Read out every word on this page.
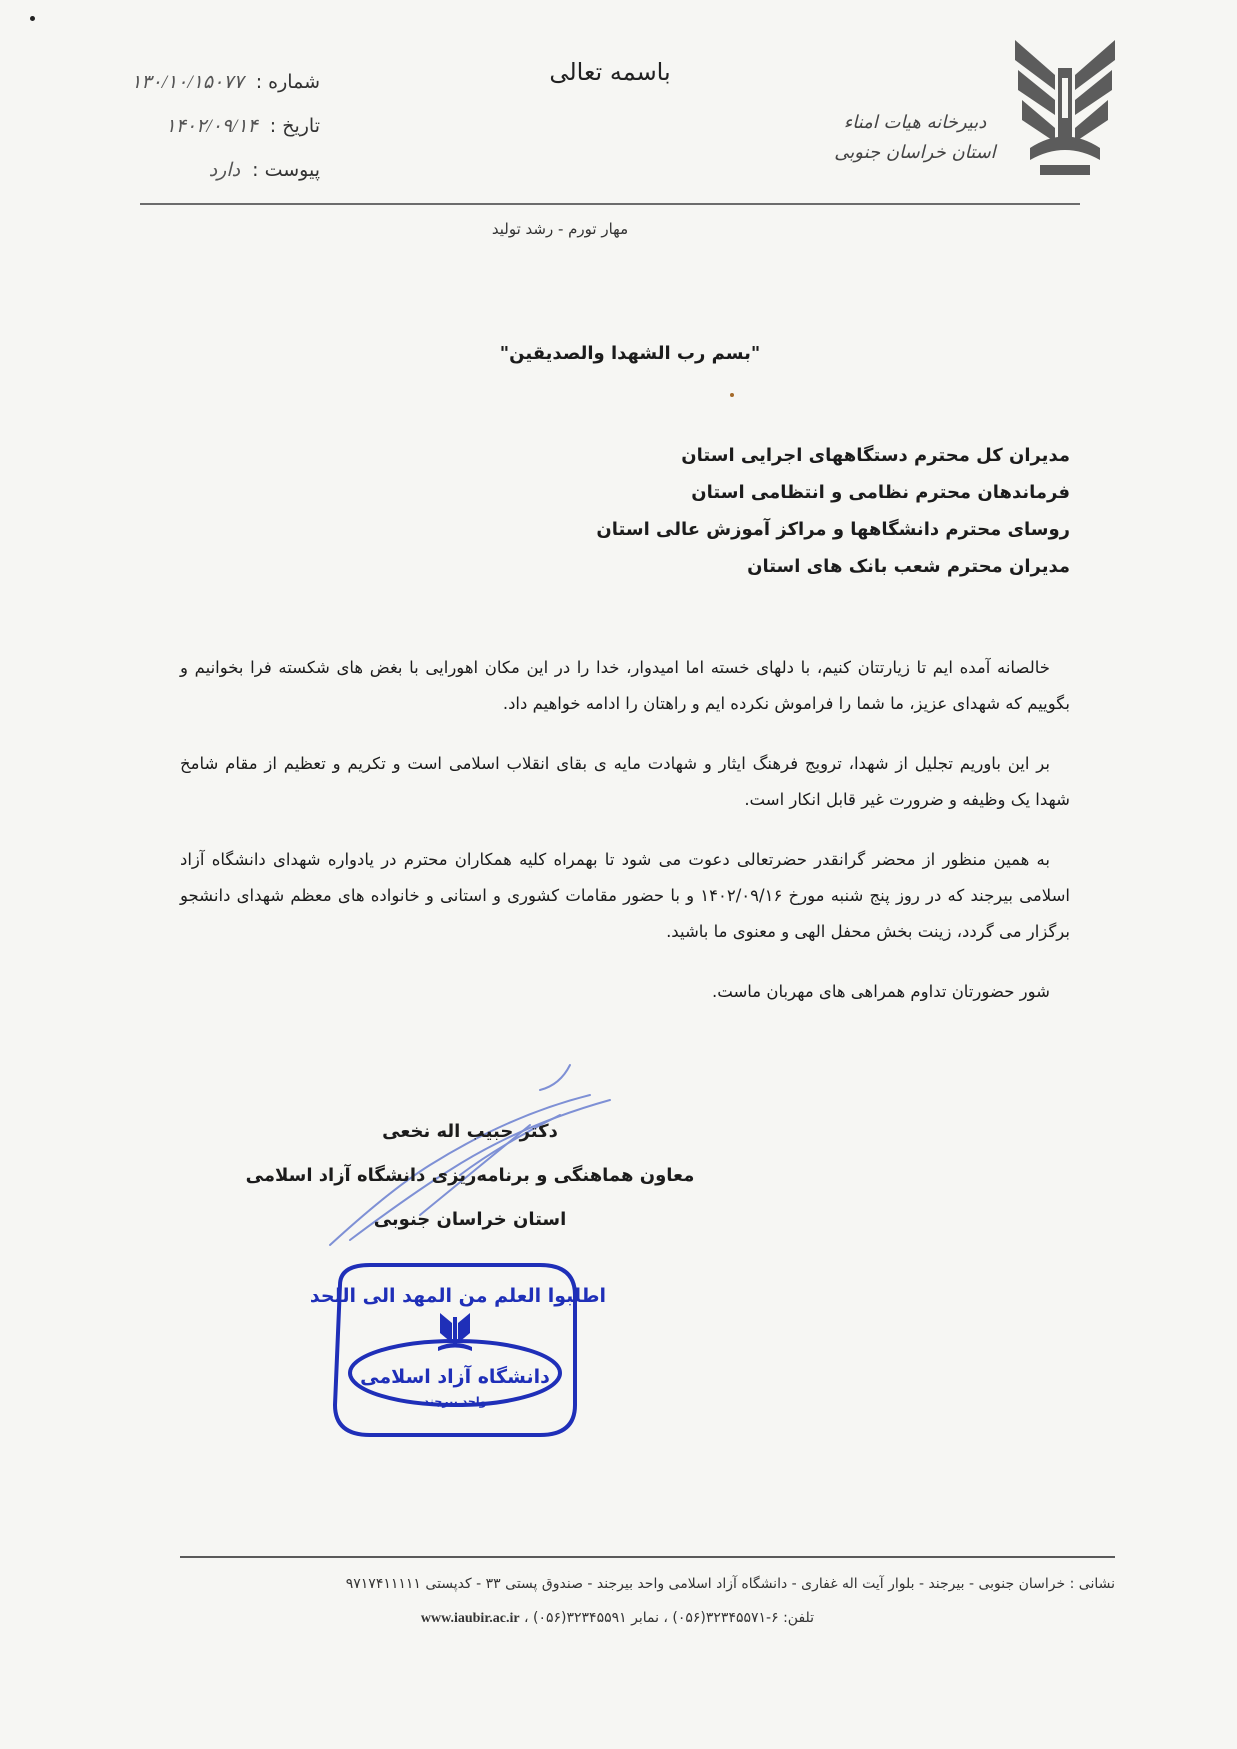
دبیرخانه هیات امناء
استان خراسان جنوبی
باسمه تعالی
شماره : ۱۳۰/۱۰/۱۵۰۷۷
تاریخ : ۱۴۰۲/۰۹/۱۴
پیوست : دارد
مهار تورم - رشد تولید
"بسم رب الشهدا والصدیقین"
مدیران کل محترم دستگاههای اجرایی استان
فرماندهان محترم نظامی و انتظامی استان
روسای محترم دانشگاهها و مراکز آموزش عالی استان
مدیران محترم شعب بانک های استان

خالصانه آمده ایم تا زیارتتان کنیم، با دلهای خسته اما امیدوار، خدا را در این مکان اهورایی با بغض های شکسته فرا بخوانیم و بگوییم که شهدای عزیز، ما شما را فراموش نکرده ایم و راهتان را ادامه خواهیم داد.

بر این باوریم تجلیل از شهدا، ترویج فرهنگ ایثار و شهادت مایه ی بقای انقلاب اسلامی است و تکریم و تعظیم از مقام شامخ شهدا یک وظیفه و ضرورت غیر قابل انکار است.

به همین منظور از محضر گرانقدر حضرتعالی دعوت می شود تا بهمراه کلیه همکاران محترم در یادواره شهدای دانشگاه آزاد اسلامی بیرجند که در روز پنج شنبه مورخ ۱۴۰۲/۰۹/۱۶ و با حضور مقامات کشوری و استانی و خانواده های معظم شهدای دانشجو برگزار می گردد، زینت بخش محفل الهی و معنوی ما باشید.

شور حضورتان تداوم همراهی های مهربان ماست.

دکتر حبیب اله نخعی
معاون هماهنگی و برنامه‌ریزی دانشگاه آزاد اسلامی
استان خراسان جنوبی
اطلبوا العلم من المهد الی اللحد
دانشگاه آزاد اسلامی
واحد بیرجند
نشانی : خراسان جنوبی - بیرجند - بلوار آیت اله غفاری - دانشگاه آزاد اسلامی واحد بیرجند - صندوق پستی ۳۳ - کدپستی ۹۷۱۷۴۱۱۱۱۱
تلفن: ۶-۳۲۳۴۵۵۷۱(۰۵۶) ، نمابر ۳۲۳۴۵۵۹۱(۰۵۶) ، www.iaubir.ac.ir
